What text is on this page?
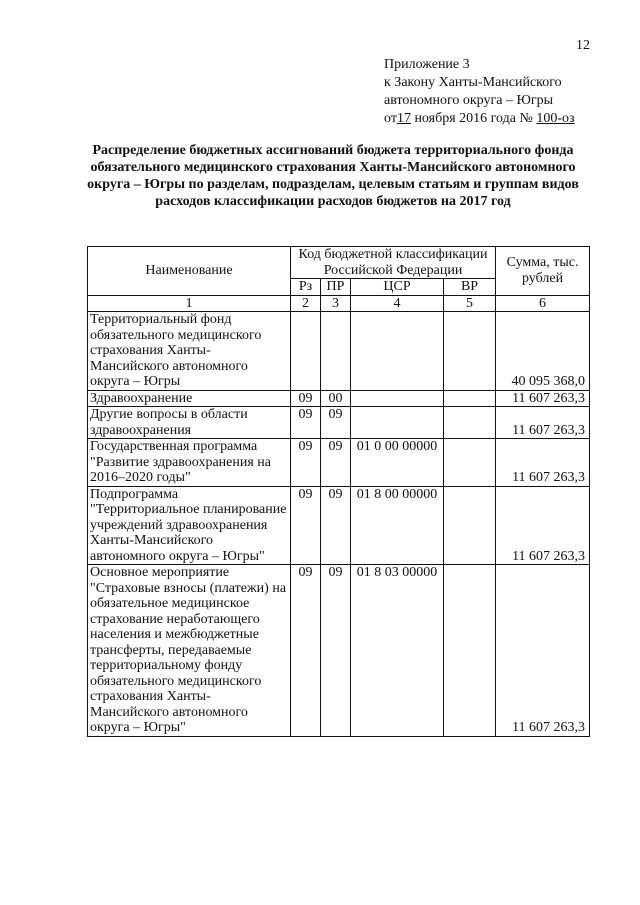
12
Приложение 3
к Закону Ханты-Мансийского
автономного округа – Югры
от17 ноября 2016 года № 100-оз
Распределение бюджетных ассигнований бюджета территориального фонда обязательного медицинского страхования Ханты-Мансийского автономного округа – Югры по разделам, подразделам, целевым статьям и группам видов расходов классификации расходов бюджетов на 2017 год
Наименование	Код бюджетной классификации Российской Федерации				Сумма, тыс. рублей
	Рз	ПР	ЦСР	ВР	
1	2	3	4	5	6
Территориальный фонд обязательного медицинского страхования Ханты-Мансийского автономного округа – Югры					40 095 368,0
Здравоохранение	09	00			11 607 263,3
Другие вопросы в области здравоохранения	09	09			11 607 263,3
Государственная программа "Развитие здравоохранения на 2016–2020 годы"	09	09	01 0 00 00000		11 607 263,3
Подпрограмма "Территориальное планирование учреждений здравоохранения Ханты-Мансийского автономного округа – Югры"	09	09	01 8 00 00000		11 607 263,3
Основное мероприятие "Страховые взносы (платежи) на обязательное медицинское страхование неработающего населения и межбюджетные трансферты, передаваемые территориальному фонду обязательного медицинского страхования Ханты-Мансийского автономного округа – Югры"	09	09	01 8 03 00000		11 607 263,3
